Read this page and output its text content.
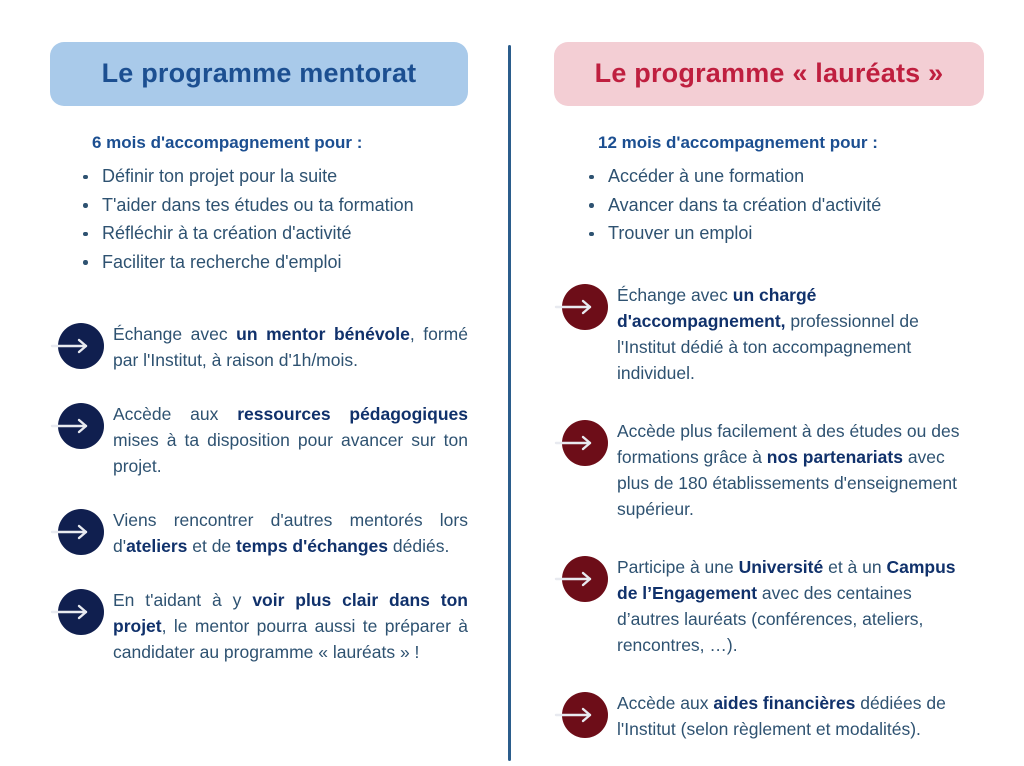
Le programme mentorat
6 mois d'accompagnement pour :
Définir ton projet pour la suite
T'aider dans tes études ou ta formation
Réfléchir à ta création d'activité
Faciliter ta recherche d'emploi
Échange avec un mentor bénévole, formé par l'Institut, à raison d'1h/mois.
Accède aux ressources pédagogiques mises à ta disposition pour avancer sur ton projet.
Viens rencontrer d'autres mentorés lors d'ateliers et de temps d'échanges dédiés.
En t'aidant à y voir plus clair dans ton projet, le mentor pourra aussi te préparer à candidater au programme « lauréats » !
Le programme « lauréats »
12 mois d'accompagnement pour :
Accéder à une formation
Avancer dans ta création d'activité
Trouver un emploi
Échange avec un chargé d'accompagnement, professionnel de l'Institut dédié à ton accompagnement individuel.
Accède plus facilement à des études ou des formations grâce à nos partenariats avec plus de 180 établissements d'enseignement supérieur.
Participe à une Université et à un Campus de l’Engagement avec des centaines d’autres lauréats (conférences, ateliers, rencontres, …).
Accède aux aides financières dédiées de l'Institut (selon règlement et modalités).
